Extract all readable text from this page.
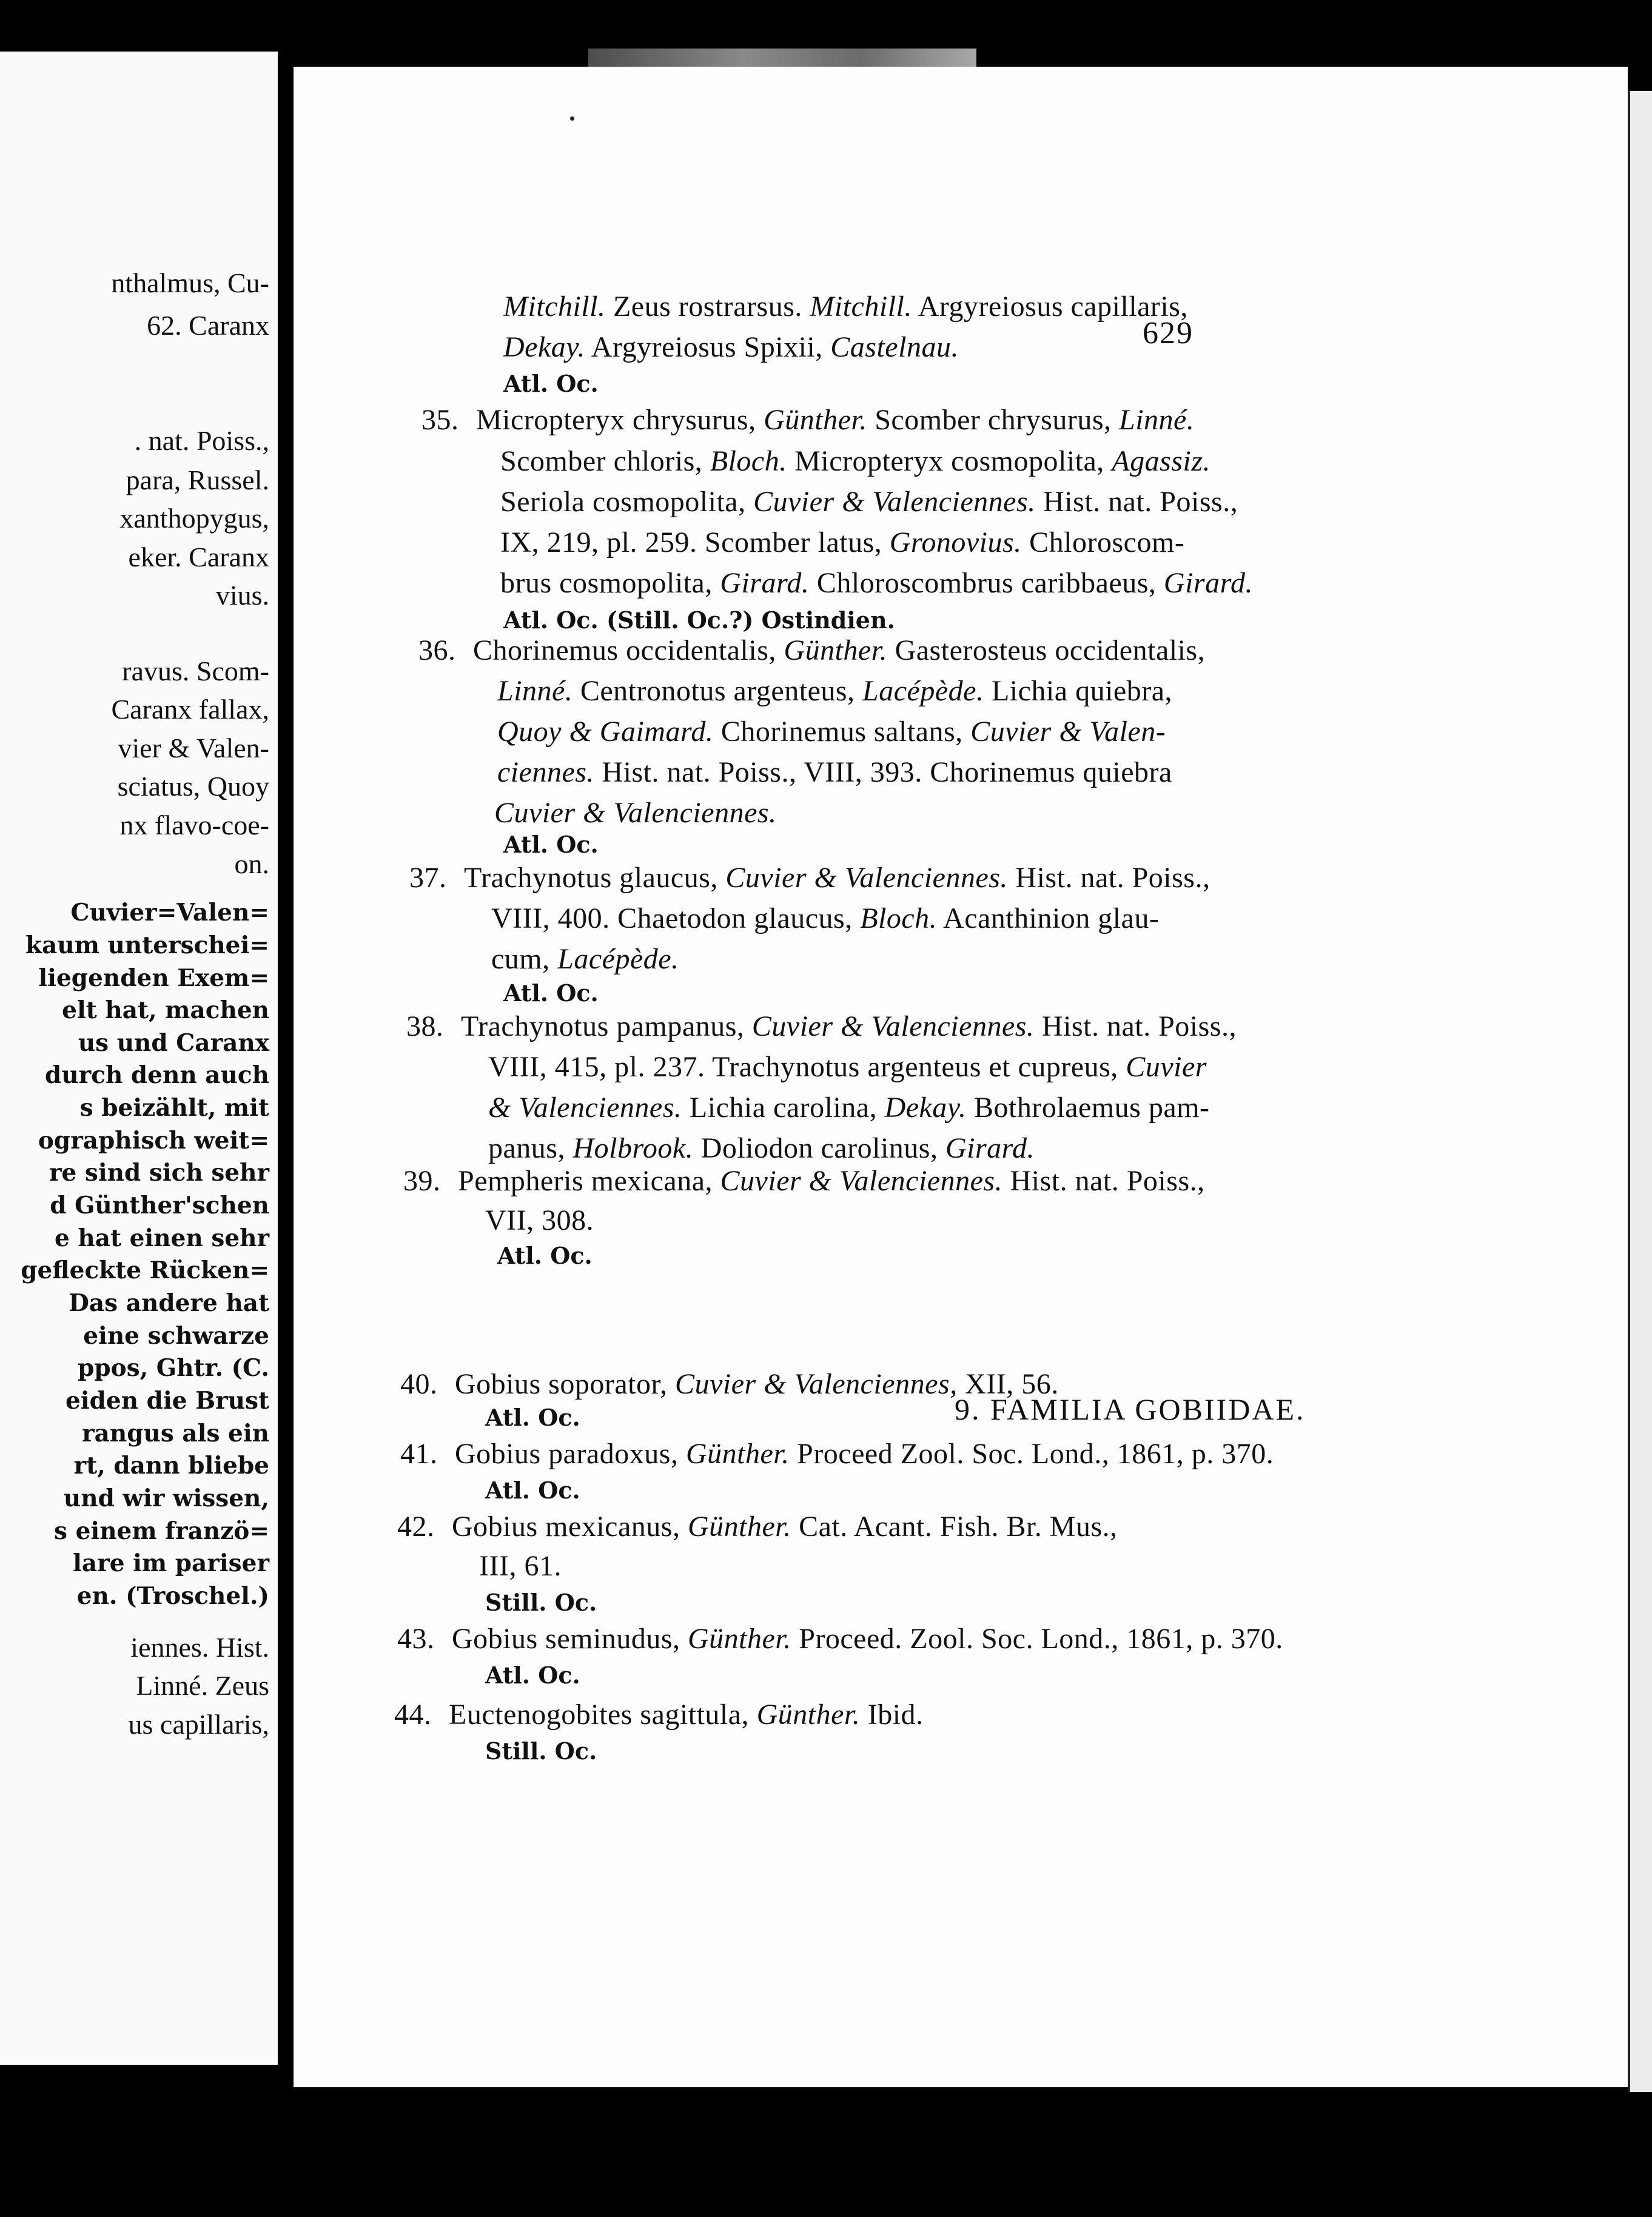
nthalmus, Cu-
62. Caranx
. nat. Poiss.,
para, Russel.
xanthopygus,
eker. Caranx
vius.
ravus. Scom-
Caranx fallax,
vier & Valen-
sciatus, Quoy
nx flavo-coe-
on.
Cuvier=Valen=
kaum unterschei=
liegenden Exem=
elt hat, machen
us und Caranx
durch denn auch
s beizählt, mit
ographisch weit=
re sind sich sehr
d Günther'schen
e hat einen sehr
gefleckte Rücken=
Das andere hat
eine schwarze
ppos, Ghtr. (C.
eiden die Brust
rangus als ein
rt, dann bliebe
und wir wissen,
s einem franzö=
lare im pariser
en. (Troschel.)
iennes. Hist.
Linné. Zeus
us capillaris,
629
9. FAMILIA GOBIIDAE.
Mitchill. Zeus rostrarsus. Mitchill. Argyreiosus capillaris,
Dekay. Argyreiosus Spixii, Castelnau.
Atl. Oc.
35. Micropteryx chrysurus, Günther. Scomber chrysurus, Linné.
Scomber chloris, Bloch. Micropteryx cosmopolita, Agassiz.
Seriola cosmopolita, Cuvier & Valenciennes. Hist. nat. Poiss.,
IX, 219, pl. 259. Scomber latus, Gronovius. Chloroscom-
brus cosmopolita, Girard. Chloroscombrus caribbaeus, Girard.
Atl. Oc. (Still. Oc.?) Ostindien.
36. Chorinemus occidentalis, Günther. Gasterosteus occidentalis,
Linné. Centronotus argenteus, Lacépède. Lichia quiebra,
Quoy & Gaimard. Chorinemus saltans, Cuvier & Valen-
ciennes. Hist. nat. Poiss., VIII, 393. Chorinemus quiebra
Cuvier & Valenciennes.
Atl. Oc.
37. Trachynotus glaucus, Cuvier & Valenciennes. Hist. nat. Poiss.,
VIII, 400. Chaetodon glaucus, Bloch. Acanthinion glau-
cum, Lacépède.
Atl. Oc.
38. Trachynotus pampanus, Cuvier & Valenciennes. Hist. nat. Poiss.,
VIII, 415, pl. 237. Trachynotus argenteus et cupreus, Cuvier
& Valenciennes. Lichia carolina, Dekay. Bothrolaemus pam-
panus, Holbrook. Doliodon carolinus, Girard.
39. Pempheris mexicana, Cuvier & Valenciennes. Hist. nat. Poiss.,
VII, 308.
Atl. Oc.
40. Gobius soporator, Cuvier & Valenciennes, XII, 56.
Atl. Oc.
41. Gobius paradoxus, Günther. Proceed Zool. Soc. Lond., 1861, p. 370.
Atl. Oc.
42. Gobius mexicanus, Günther. Cat. Acant. Fish. Br. Mus.,
III, 61.
Still. Oc.
43. Gobius seminudus, Günther. Proceed. Zool. Soc. Lond., 1861, p. 370.
Atl. Oc.
44. Euctenogobites sagittula, Günther. Ibid.
Still. Oc.
